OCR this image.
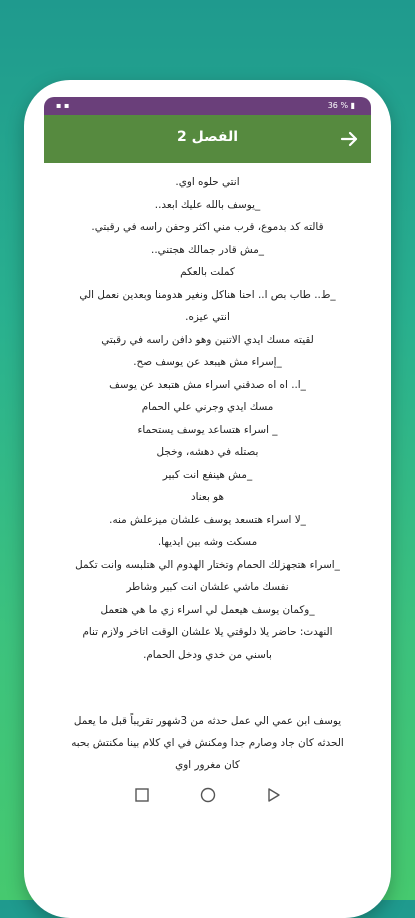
▪ ▪	36 % ▮
الفصل 2

انتي حلوه اوي.

_يوسف بالله عليك ابعد..

قالته كد بدموع، قرب مني اكثر وحفن راسه في رقبتي.

_مش قادر جمالك هجتني..

كملت بالعكم

_ط.. طاب بص ا.. احنا هناكل ونغير هدومنا وبعدين نعمل الي

انتي عيزه.

لقيته مسك ايدي الاتنين وهو دافن راسه في رقبتي

_إسراء مش هيبعد عن يوسف صح.

_ا.. اه اه صدقني اسراء مش هتبعد عن يوسف

مسك ايدي وجرني علي الحمام

_ اسراء هتساعد يوسف يستحماء

بصتله في دهشه، وخجل

_مش هينفع انت كبير

هو بعناد

_لا اسراء هتسعد يوسف علشان ميزعلش منه.

مسكت وشه بين ايديها.

_اسراء هتجهزلك الحمام وتختار الهدوم الي هتلبسه وانت تكمل

نفسك ماشي علشان انت كبير وشاطر

_وكمان يوسف هيعمل لي اسراء زي ما هي هتعمل

النهدت: حاضر يلا دلوقتي يلا علشان الوقت اتاخر ولازم تنام

باسني من خدي ودخل الحمام.

يوسف ابن عمي الي عمل حدثه من 3شهور تقريباً قبل ما يعمل

الحدثه كان جاد وصارم جدا ومكنش في اي كلام بينا مكنتش بحبه

كان مغرور اوي
